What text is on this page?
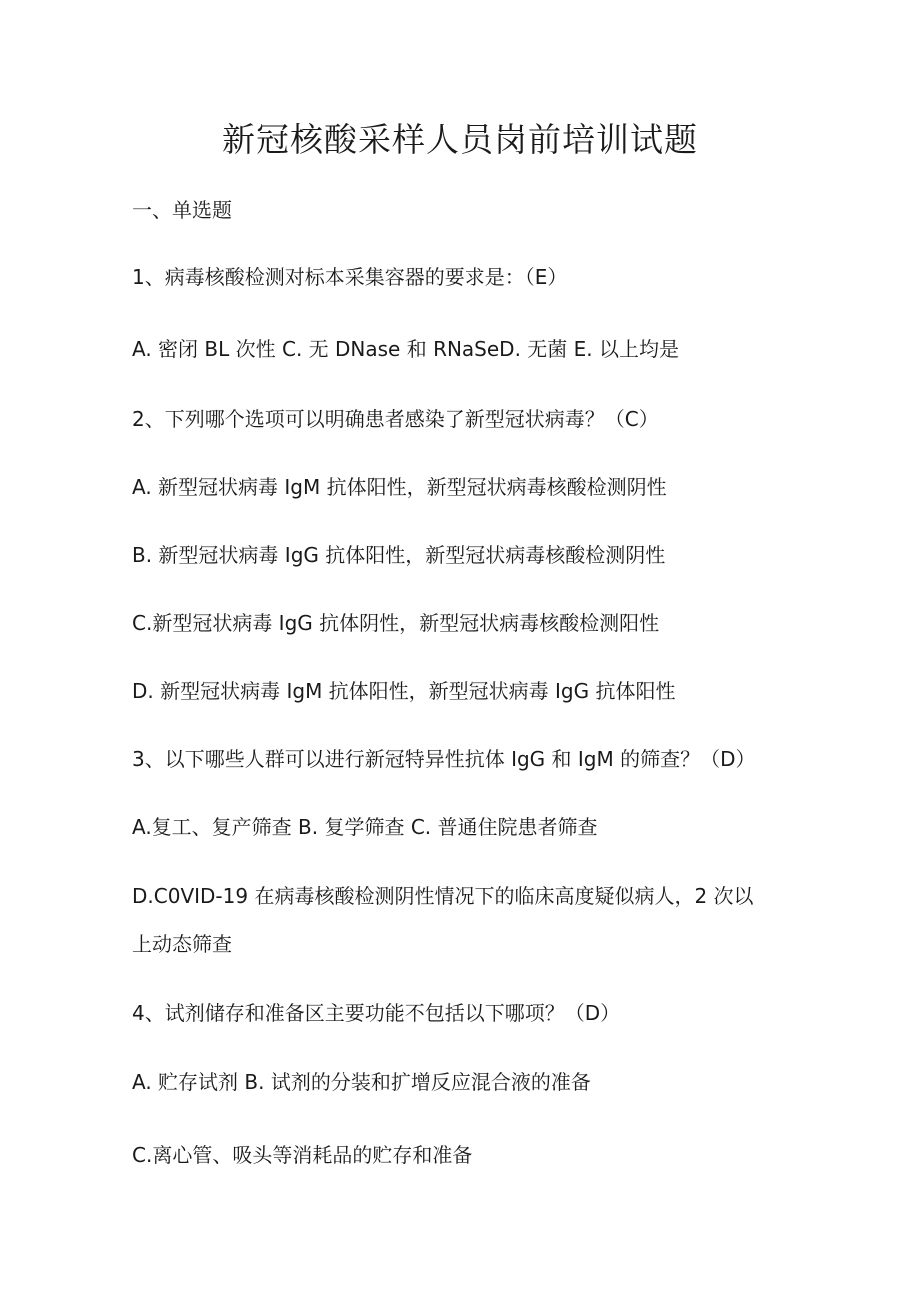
新冠核酸采样人员岗前培训试题
一、单选题
1、病毒核酸检测对标本采集容器的要求是：（E）
A. 密闭 BL 次性 C. 无 DNase 和 RNaSeD. 无菌 E. 以上均是
2、下列哪个选项可以明确患者感染了新型冠状病毒？（C）
A. 新型冠状病毒 IgM 抗体阳性，新型冠状病毒核酸检测阴性
B. 新型冠状病毒 IgG 抗体阳性，新型冠状病毒核酸检测阴性
C.新型冠状病毒 IgG 抗体阴性，新型冠状病毒核酸检测阳性
D. 新型冠状病毒 IgM 抗体阳性，新型冠状病毒 IgG 抗体阳性
3、以下哪些人群可以进行新冠特异性抗体 IgG 和 IgM 的筛查？（D）
A.复工、复产筛查 B. 复学筛查 C. 普通住院患者筛查
D.C0VID-19 在病毒核酸检测阴性情况下的临床高度疑似病人，2 次以
上动态筛查
4、试剂储存和准备区主要功能不包括以下哪项？（D）
A. 贮存试剂 B. 试剂的分装和扩增反应混合液的准备
C.离心管、吸头等消耗品的贮存和准备
